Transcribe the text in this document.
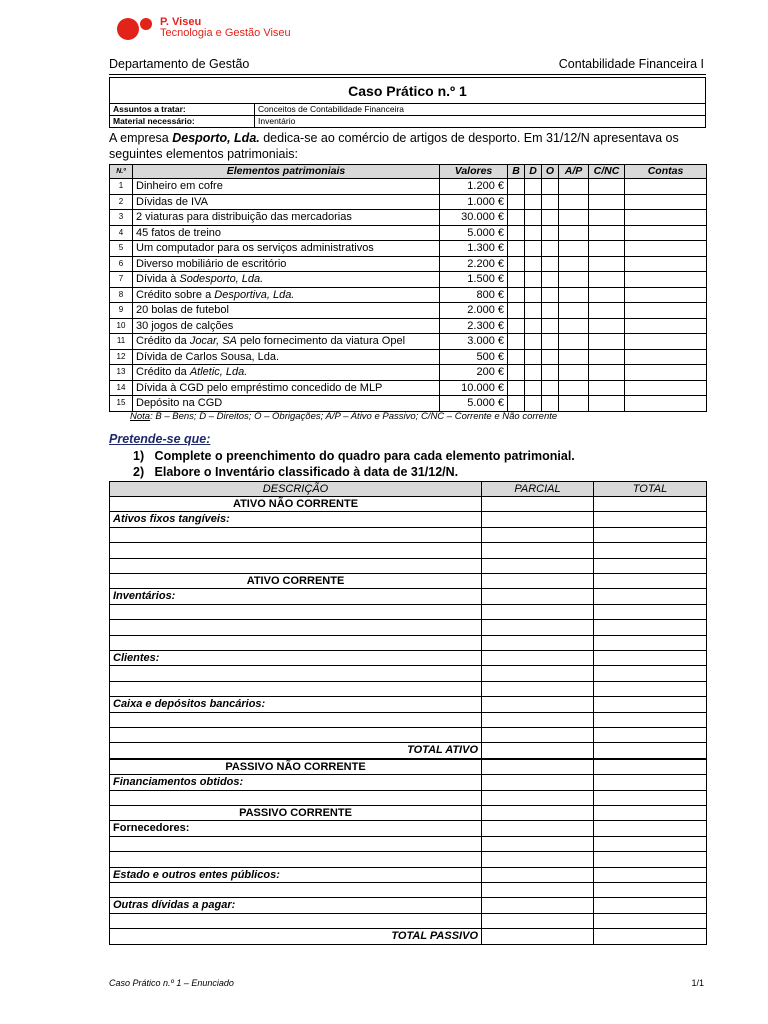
P. Viseu
Tecnologia e Gestão Viseu
Departamento de Gestão	Contabilidade Financeira I
Caso Prático n.º 1	
Assuntos a tratar:	Conceitos de Contabilidade Financeira
Material necessário:	Inventário
A empresa Desporto, Lda. dedica-se ao comércio de artigos de desporto. Em 31/12/N apresentava os seguintes elementos patrimoniais:
N.º	Elementos patrimoniais	Valores	B	D	O	A/P	C/NC	Contas
1	Dinheiro em cofre	1.200 €						
2	Dívidas de IVA	1.000 €						
3	2 viaturas para distribuição das mercadorias	30.000 €						
4	45 fatos de treino	5.000 €						
5	Um computador para os serviços administrativos	1.300 €						
6	Diverso mobiliário de escritório	2.200 €						
7	Dívida à Sodesporto, Lda.	1.500 €						
8	Crédito sobre a Desportiva, Lda.	800 €						
9	20 bolas de futebol	2.000 €						
10	30 jogos de calções	2.300 €						
11	Crédito da Jocar, SA pelo fornecimento da viatura Opel	3.000 €						
12	Dívida de Carlos Sousa, Lda.	500 €						
13	Crédito da Atletic, Lda.	200 €						
14	Dívida à CGD pelo empréstimo concedido de MLP	10.000 €						
15	Depósito na CGD	5.000 €						
Nota: B – Bens; D – Direitos; O – Obrigações; A/P – Ativo e Passivo; C/NC – Corrente e Não corrente
Pretende-se que:
1) Complete o preenchimento do quadro para cada elemento patrimonial.
2) Elabore o Inventário classificado à data de 31/12/N.
DESCRIÇÃO	PARCIAL	TOTAL
ATIVO NÃO CORRENTE		
Ativos fixos tangíveis:		

ATIVO CORRENTE		
Inventários:		

Clientes:		

Caixa e depósitos bancários:		

TOTAL ATIVO		
PASSIVO NÃO CORRENTE		
Financiamentos obtidos:		

PASSIVO CORRENTE		
Fornecedores:		

Estado e outros entes públicos:		

Outras dívidas a pagar:		

TOTAL PASSIVO		
Caso Prático n.º 1 – Enunciado	1/1
